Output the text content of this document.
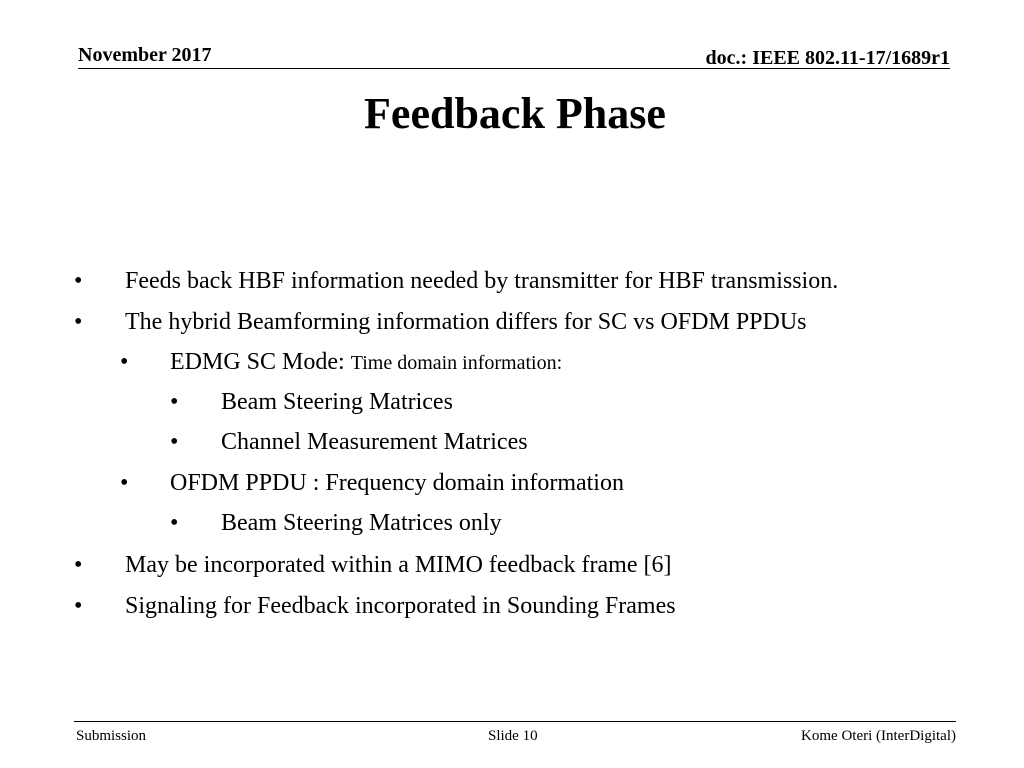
November 2017	doc.: IEEE 802.11-17/1689r1
Feedback Phase
• Feeds back HBF information needed by transmitter for HBF transmission.
• The hybrid Beamforming information differs for SC vs OFDM PPDUs
• EDMG SC Mode: Time domain information:
• Beam Steering Matrices
• Channel Measurement Matrices
• OFDM PPDU : Frequency domain information
• Beam Steering Matrices only
• May be incorporated within a MIMO feedback frame [6]
• Signaling for Feedback incorporated in Sounding Frames
Submission	Slide 10	Kome Oteri (InterDigital)
